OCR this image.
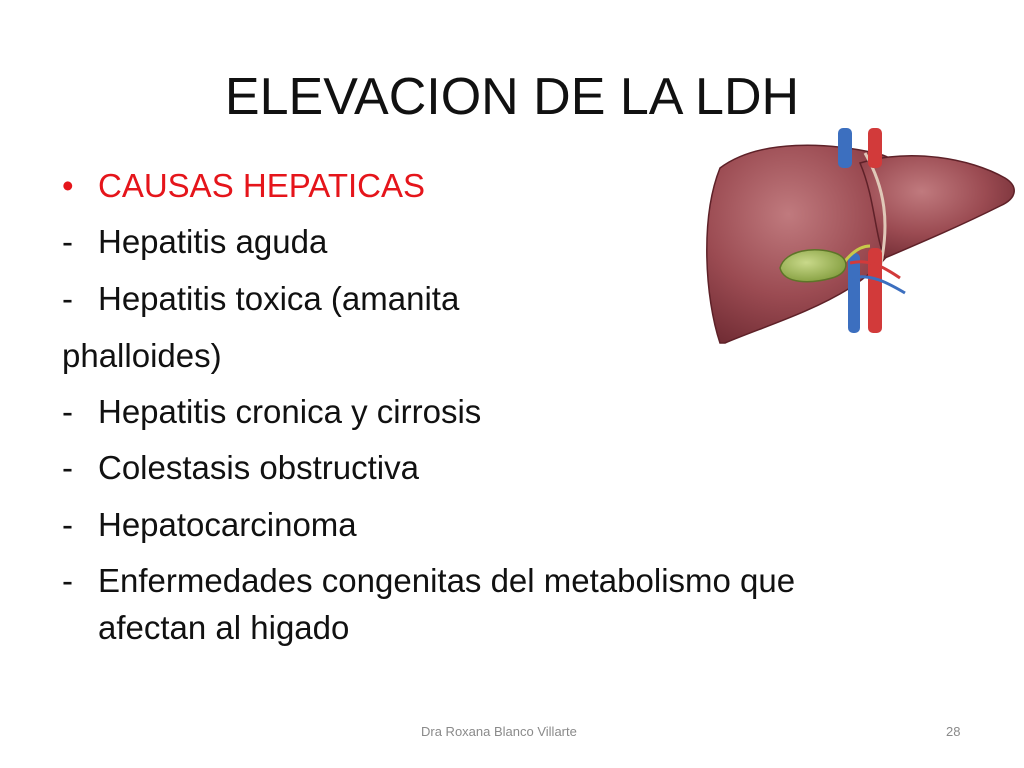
ELEVACION DE LA LDH
• CAUSAS HEPATICAS
- Hepatitis aguda
- Hepatitis toxica (amanita
phalloides)
- Hepatitis cronica y cirrosis
- Colestasis obstructiva
- Hepatocarcinoma
- Enfermedades congenitas del metabolismo que
afectan al higado
Dra Roxana Blanco Villarte	28
